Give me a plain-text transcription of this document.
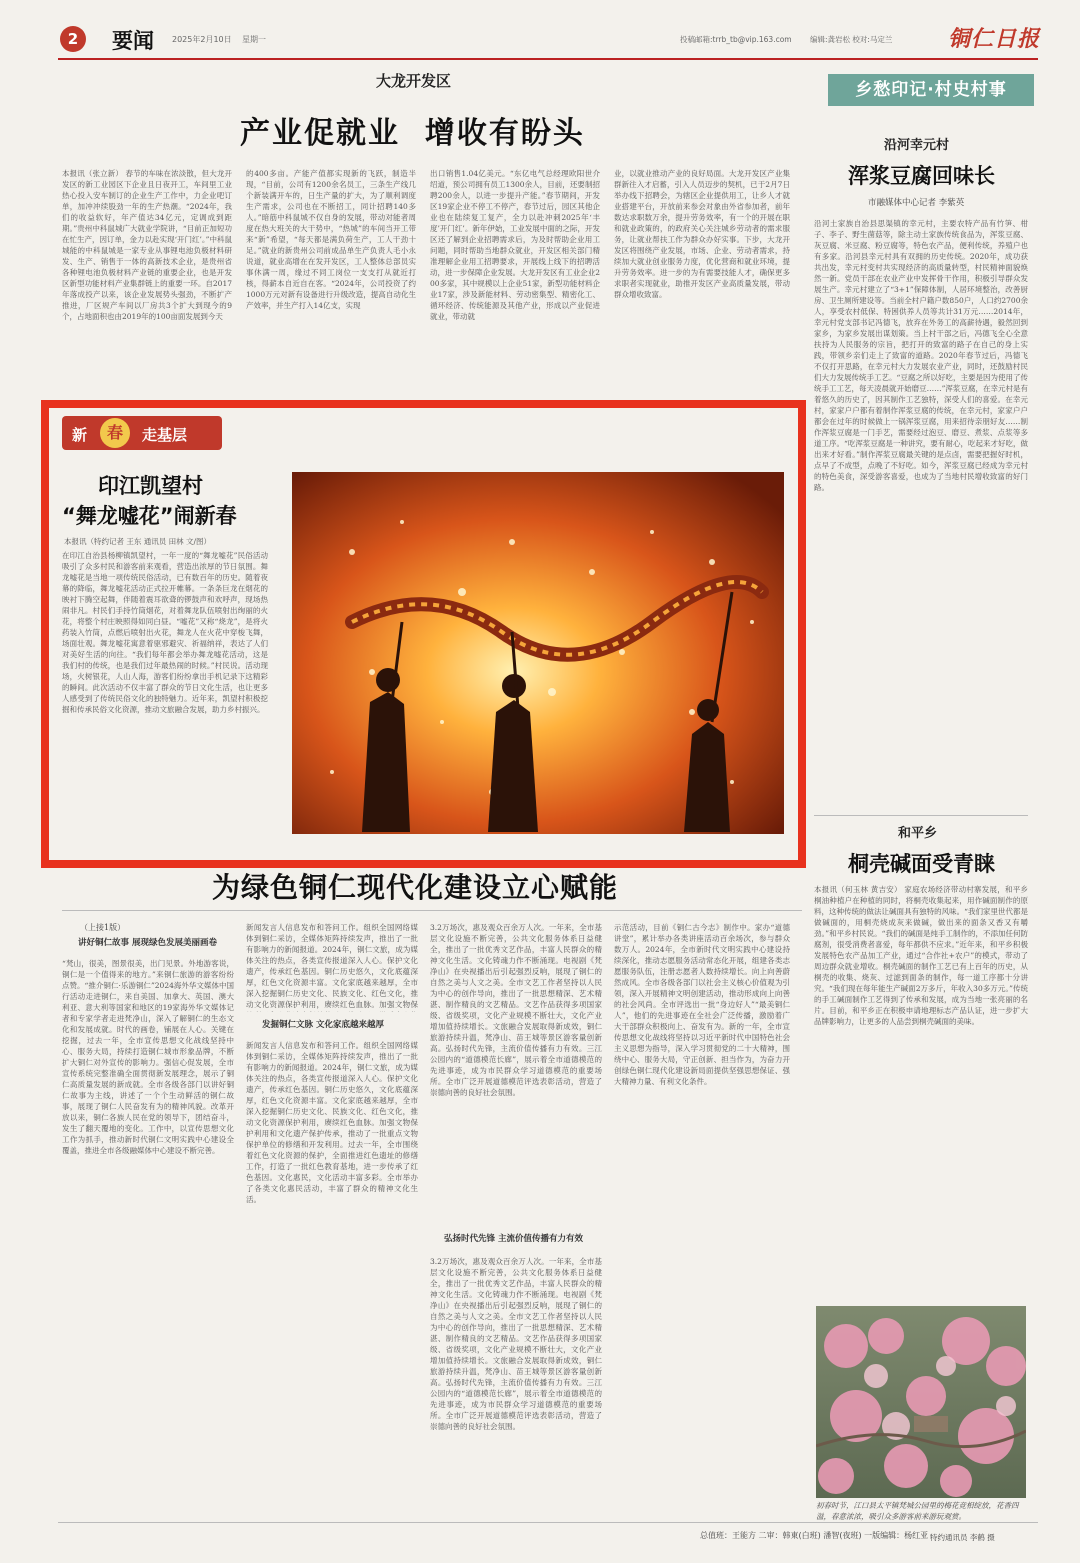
2	要闻 2025年2月10日 星期一	投稿邮箱:trrb_tb@vip.163.com 编辑:龚岩松 校对:马定兰	铜仁日报
大龙开发区
产业促就业  增收有盼头
本报讯（张立新） 春节的车味在浓淡散，但大龙开发区的新工业园区下企业且日夜开工，车间里工业热心投入安车制订的企业生产工作中，力企业吧订单，加冲冲续股劲一年的生产热潮。“2024年，我们的收益软好，年产值达34亿元，定调成到距期。”贵州中科鼠城广大就业学院讲，“目前正加短功在忙生产，因订单，金力以赴实现‘开门红’。”中科鼠城能的中科鼠城是一家专业从事锂电池负极材料研发、生产、销售于一体的高新技术企业，是贵州省各种锂电池负极材料产业链的重要企业，也是开发区新型功能材料产业集群链上的重要一环。自2017年落成投产以来，该企业发展势头强劲，不断扩产推进，厂区规产车间以厂房共3个扩大到现今的9个，占地面积也由2019年的100亩面发展到今天
的400多亩。产能产值都实现新的飞跃，制造半现，“目前，公司有1200余名员工，三条生产线几个新装满开车的，日生产量的扩大，为了顺利调度生产需求，公司也在不断招工，同计招聘140多人。”暗筋中科鼠城不仅自身的发展，带动对能者周度在热大班关的大干势中，“热城”的车间当开工带来“新”希望，“每天都是满负荷生产，工人干劲十足。”就业的新贵州公司前成品单生产负责人毛小永说道，就业高增在在发开发区，工人整体总部员实事休满一周，缘过不同工岗位一支支打从就近打核，得薪本自近自在客。“2024年，公司投资了约1000万元对新有设备进行升级改造，提高自动化生产效率，并生产打入14亿支，实现
出口销售1.04亿美元。“东亿电气总经理欧阳世介绍道，预公司拥有员工1300余人，目前，还要制招聘200余人，以进一步提升产能。”春节期间，开发区19家企业不停工不停产，春节过后，园区其他企业也在陆续复工复产，全力以赴冲刺2025年‘丰度’开门红’。新年伊始，工业发展中面的之际，开发区还了解到企业招聘需求后，为及时帮助企业用工问题，同时帮助当地群众就业，开发区相关部门精准理解企业用工招聘要求，开展线上线下的招聘活动，进一步保障企业发展。大龙开发区有工业企业200多家，其中规模以上企业51家，新型功能材料企业17家，涉及新能材料、劳动密集型、精密化工、循环经济、传统能源及其他产业，形成以产业促进就业，带动就
业，以就业推动产业的良好局面。大龙开发区产业集群新往入才启蓄，引入人员迈步的契机，已于2月7日举办线下招聘会，为辖区企业提供用工，让乡人才就业搭建平台，开放前来参会对象由外省参加者，前年数达求职数万余，提升劳务效率，有一个的开展在职和就业政策的，的政府关心关注城乡劳动者的需求服务，让就业帮扶工作为群众办好实事。下步，大龙开发区将围绕产业发展，市场、企业、劳动者需求，持续加大就业创业服务力度，优化营商和就业环境，提升劳务效率。进一步的为有需要技能人才，确保更多求职者实现就业，助推开发区产业高质量发展，带动群众增收致富。
乡愁印记·村史村事
沿河幸元村
浑浆豆腐回味长
市融媒体中心记者 李紫英
沿河土家族自治县思渠镇的幸元村，主要农特产品有竹笋、柑子、李子、野生菌菇等，除主动土家族传统食品为，浑浆豆腐、灰豆腐、米豆腐、粉豆腐等，特色农产品，便利传统，养殖户也有多家。沿河县幸元村具有双拥的历史传统。2020年，成功获共出发，幸元村变村共实现经济的高质量转型，村民精神面貌焕然一新。党员干部在农业产业中发挥骨干作用，积极引导群众发展生产。幸元村建立了“3+1”保障体制，人居环境整治，改善厨房、卫生厕所建设等。当前全村户籍户数850户，人口约2700余人，享受农村低保、特困供养人员等共计31万元……2014年，幸元村党支部书记冯德飞，放弃在外务工的高薪待遇，毅然回到家乡，为家乡发展出谋划策。当上村干部之后，冯德飞全心全意扶持为人民服务的宗旨，把打开的致富的路子在自己的身上实践，带领乡亲们走上了致富的道路。2020年春节过后，冯德飞不仅打开思路，在幸元村大力发展农业产业，同时，还鼓励村民们大力发展传统手工艺。“豆腐之所以好吃，主要是因为使用了传统手工工艺，每天凌晨就开始磨豆……”浑浆豆腐，在幸元村是有着悠久的历史了，因其制作工艺独特，深受人们的喜爱。在幸元村，家家户户都有着制作浑浆豆腐的传统，在幸元村，家家户户都会在过年的时候做上一锅浑浆豆腐，用来招待亲朋好友……制作浑浆豆腐是一门手艺，需要经过泡豆、磨豆、煮浆、点浆等多道工序。“吃浑浆豆腐是一种讲究，要有耐心，吃起来才好吃，做出来才好看。”制作浑浆豆腐最关键的是点卤，需要把握好时机，点早了不成型，点晚了不好吃。如今，浑浆豆腐已经成为幸元村的特色美食，深受游客喜爱，也成为了当地村民增收致富的好门路。
和平乡
桐壳碱面受青睐
本报讯（何玉林 黄吉安） 家庭农场经济带动村寨发展，和平乡桐油种植户在种植的同时，将桐壳收集起来，用作碱面制作的原料，这种传统的做法让碱面具有独特的风味。“我们家里世代都是做碱面的，用桐壳烧成灰来做碱，做出来的面条又香又有嚼劲。”和平乡村民说。“我们的碱面是纯手工制作的，不添加任何防腐剂，很受消费者喜爱，每年都供不应求。”近年来，和平乡积极发展特色农产品加工产业，通过“合作社+农户”的模式，带动了周边群众就业增收。桐壳碱面的制作工艺已有上百年的历史，从桐壳的收集、烧灰、过滤到面条的制作，每一道工序都十分讲究。“我们现在每年能生产碱面2万多斤，年收入30多万元。”传统的手工碱面制作工艺得到了传承和发展，成为当地一张亮丽的名片。目前，和平乡正在积极申请地理标志产品认证，进一步扩大品牌影响力，让更多的人品尝到桐壳碱面的美味。
初春时节，江口县太平镇梵城公园里的梅花竞相绽放，花香四溢，春意浓浓，吸引众多游客前来游玩观赏。
特约通讯员 李鹤 摄
为绿色铜仁现代化建设立心赋能
（上接1版）
讲好铜仁故事 展现绿色发展美丽画卷
“梵山，很美，图景很美，出门见景。外地游客说，铜仁是一个值得来的地方。”来铜仁旅游的游客纷纷点赞。“推介铜仁·乐游铜仁”2024海外华文媒体中国行活动走进铜仁，来自美国、加拿大、英国、澳大利亚、意大利等国家和地区的19家海外华文媒体记者和专家学者走进梵净山，深入了解铜仁的生态文化和发展成就。时代的画卷，铺展在人心。关键在挖掘，过去一年，全市宣传思想文化战线坚持中心、服务大局，持续打造铜仁城市形象品牌，不断扩大铜仁对外宣传的影响力。强信心促发展，全市宣传系统完整准确全面贯彻新发展理念，展示了铜仁高质量发展的新成就。全市各级各部门以讲好铜仁故事为主线，讲述了一个个生动鲜活的铜仁故事，展现了铜仁人民奋发有为的精神风貌。改革开放以来，铜仁各族人民在党的领导下，团结奋斗，发生了翻天覆地的变化。工作中，以宣传思想文化工作为抓手，推动新时代铜仁文明实践中心建设全覆盖，推进全市各级融媒体中心建设不断完善。
新闻发言人信息发布和答问工作。组织全国网络媒体到铜仁采访，全媒体矩阵持续发声，推出了一批有影响力的新闻报道。2024年，铜仁文旅，成为媒体关注的热点，各类宣传报道深入人心。保护文化遗产，传承红色基因。铜仁历史悠久，文化底蕴深厚，红色文化资源丰富。文化家底越来越厚，全市深入挖掘铜仁历史文化、民族文化、红色文化，推动文化资源保护利用，赓续红色血脉。加强文物保
发掘铜仁文脉 文化家底越来越厚
新闻发言人信息发布和答问工作。组织全国网络媒体到铜仁采访，全媒体矩阵持续发声，推出了一批有影响力的新闻报道。2024年，铜仁文旅，成为媒体关注的热点，各类宣传报道深入人心。保护文化遗产，传承红色基因。铜仁历史悠久，文化底蕴深厚，红色文化资源丰富。文化家底越来越厚，全市深入挖掘铜仁历史文化、民族文化、红色文化，推动文化资源保护利用，赓续红色血脉。加强文物保护利用和文化遗产保护传承，推动了一批重点文物保护单位的修缮和开发利用。过去一年，全市围绕着红色文化资源的保护，全面推进红色遗址的修缮工作，打造了一批红色教育基地，进一步传承了红色基因。文化惠民，文化活动丰富多彩。全市举办了各类文化惠民活动，丰富了群众的精神文化生活。
3.2万场次，惠及观众百余万人次。一年来，全市基层文化设施不断完善，公共文化服务体系日益健全，推出了一批优秀文艺作品，丰富人民群众的精神文化生活。文化铸魂力作不断涌现。电视剧《梵净山》在央视播出后引起强烈反响，展现了铜仁的自然之美与人文之美。全市文艺工作者坚持以人民为中心的创作导向，推出了一批思想精深、艺术精湛、制作精良的文艺精品。文艺作品获得多项国家级、省级奖项，文化产业规模不断壮大，文化产业增加值持续增长。文旅融合发展取得新成效，铜仁旅游持续升温，梵净山、苗王城等景区游客量创新高。弘扬时代先锋，主流价值传播有力有效。三江公园内的“道德模范长廊”，展示着全市道德模范的先进事迹，成为市民群众学习道德模范的重要场所。全市广泛开展道德模范评选表彰活动，营造了崇德向善的良好社会氛围。
弘扬时代先锋 主流价值传播有力有效
3.2万场次，惠及观众百余万人次。一年来，全市基层文化设施不断完善，公共文化服务体系日益健全，推出了一批优秀文艺作品，丰富人民群众的精神文化生活。文化铸魂力作不断涌现。电视剧《梵净山》在央视播出后引起强烈反响，展现了铜仁的自然之美与人文之美。全市文艺工作者坚持以人民为中心的创作导向，推出了一批思想精深、艺术精湛、制作精良的文艺精品。文艺作品获得多项国家级、省级奖项，文化产业规模不断壮大，文化产业增加值持续增长。文旅融合发展取得新成效，铜仁旅游持续升温，梵净山、苗王城等景区游客量创新高。弘扬时代先锋，主流价值传播有力有效。三江公园内的“道德模范长廊”，展示着全市道德模范的先进事迹，成为市民群众学习道德模范的重要场所。全市广泛开展道德模范评选表彰活动，营造了崇德向善的良好社会氛围。
示范活动，目前《铜仁古今志》制作中。家办“道德讲堂”，累计举办各类讲座活动百余场次，参与群众数万人。2024年，全市新时代文明实践中心建设持续深化，推动志愿服务活动常态化开展，组建各类志愿服务队伍，注册志愿者人数持续增长。向上向善蔚然成风。全市各级各部门以社会主义核心价值观为引领，深入开展精神文明创建活动，推动形成向上向善的社会风尚。全市评选出一批“身边好人”“最美铜仁人”，他们的先进事迹在全社会广泛传播，激励着广大干部群众积极向上、奋发有为。新的一年，全市宣传思想文化战线将坚持以习近平新时代中国特色社会主义思想为指导，深入学习贯彻党的二十大精神，围绕中心、服务大局，守正创新、担当作为，为奋力开创绿色铜仁现代化建设新局面提供坚强思想保证、强大精神力量、有利文化条件。
新	春	走基层
印江凯望村
“舞龙嘘花”闹新春
本报讯（特约记者 王东 通讯员 田林 文/图）
在印江自治县杨柳镇凯望村，一年一度的“舞龙嘘花”民俗活动吸引了众多村民和游客前来观看，营造出浓厚的节日氛围。舞龙嘘花是当地一项传统民俗活动，已有数百年的历史。随着夜幕的降临，舞龙嘘花活动正式拉开帷幕。一条条巨龙在烟花的映衬下腾空起舞，伴随着震耳欲聋的锣鼓声和欢呼声，现场热闹非凡。村民们手持竹筒烟花，对着舞龙队伍喷射出绚丽的火花，将整个村庄映照得如同白昼。“嘘花”又称“烧龙”，是将火药装入竹筒，点燃后喷射出火花，舞龙人在火花中穿梭飞舞，场面壮观。舞龙嘘花寓意着驱邪避灾、祈福纳祥，表达了人们对美好生活的向往。“我们每年都会举办舞龙嘘花活动，这是我们村的传统，也是我们过年最热闹的时候。”村民说。活动现场，火树银花，人山人海，游客们纷纷拿出手机记录下这精彩的瞬间。此次活动不仅丰富了群众的节日文化生活，也让更多人感受到了传统民俗文化的独特魅力。近年来，凯望村积极挖掘和传承民俗文化资源，推动文旅融合发展，助力乡村振兴。
总值班：王能方 二审：韩東(白班) 潘智(夜班) 一版编辑：杨红亚
